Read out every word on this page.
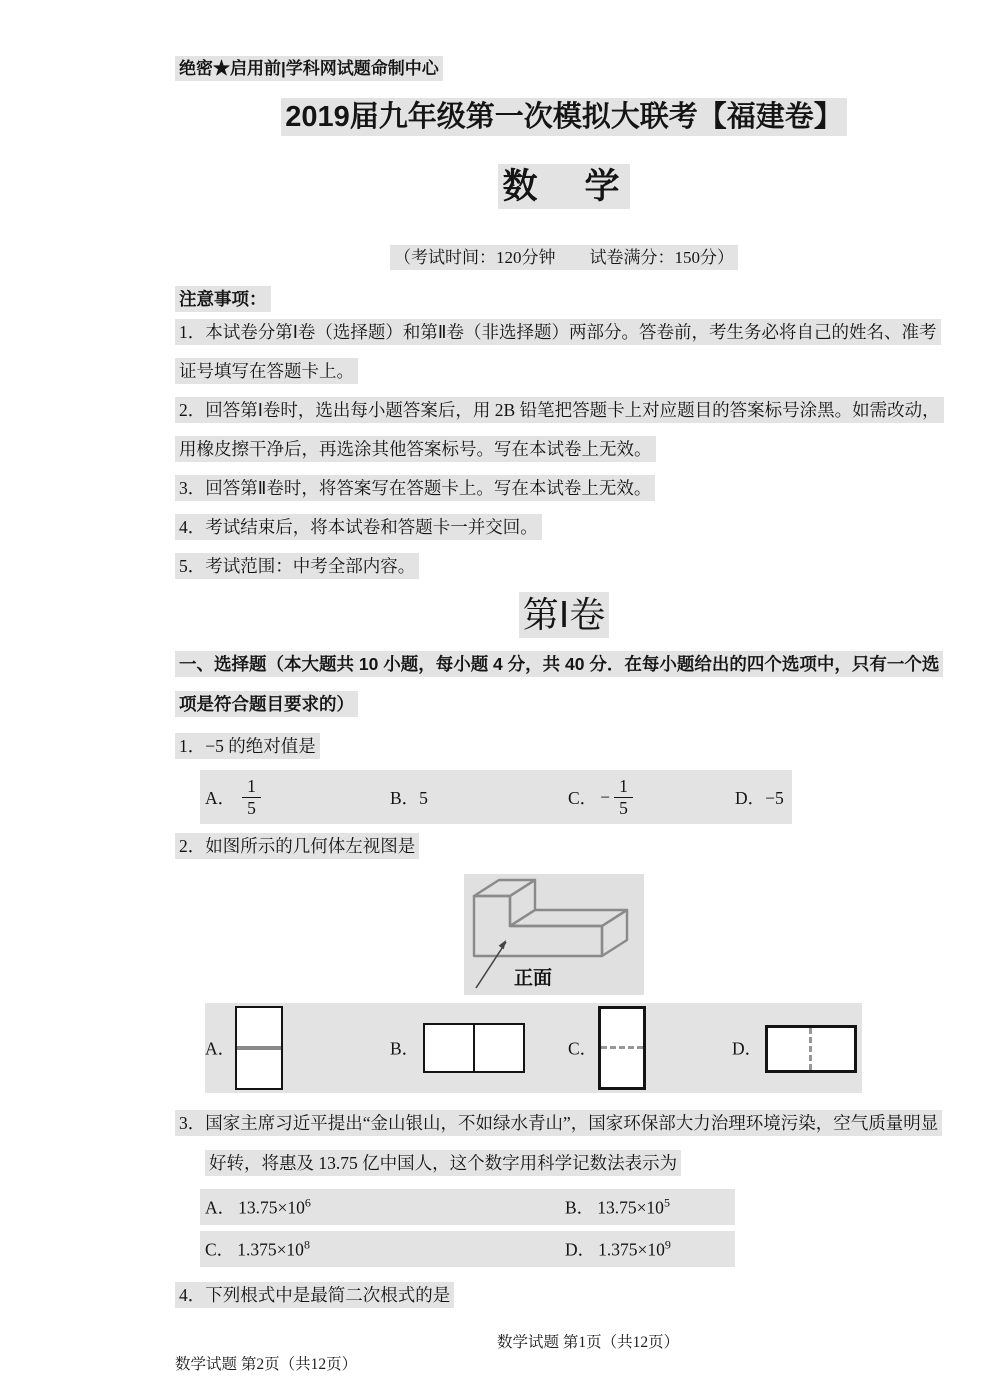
绝密★启用前|学科网试题命制中心
2019届九年级第一次模拟大联考【福建卷】
数　学
（考试时间：120分钟　　试卷满分：150分）
注意事项：
1．本试卷分第Ⅰ卷（选择题）和第Ⅱ卷（非选择题）两部分。答卷前，考生务必将自己的姓名、准考证号填写在答题卡上。
2．回答第Ⅰ卷时，选出每小题答案后，用 2B 铅笔把答题卡上对应题目的答案标号涂黑。如需改动，用橡皮擦干净后，再选涂其他答案标号。写在本试卷上无效。
3．回答第Ⅱ卷时，将答案写在答题卡上。写在本试卷上无效。
4．考试结束后，将本试卷和答题卡一并交回。
5．考试范围：中考全部内容。
第Ⅰ卷
一、选择题（本大题共 10 小题，每小题 4 分，共 40 分．在每小题给出的四个选项中，只有一个选项是符合题目要求的）
1．−5 的绝对值是
A． $\frac{1}{5}$	B．5	C． − $\frac{1}{5}$	D．−5
2．如图所示的几何体左视图是
正面
A．	B．	C．	D．
3．国家主席习近平提出“金山银山，不如绿水青山”，国家环保部大力治理环境污染，空气质量明显好转，将惠及 13.75 亿中国人，这个数字用科学记数法表示为
A． $13.75\times 10^6$	B． $13.75\times 10^5$
C． $1.375\times 10^8$	D． $1.375\times 10^9$
4．下列根式中是最简二次根式的是
数学试题 第1页（共12页）
数学试题 第2页（共12页）
